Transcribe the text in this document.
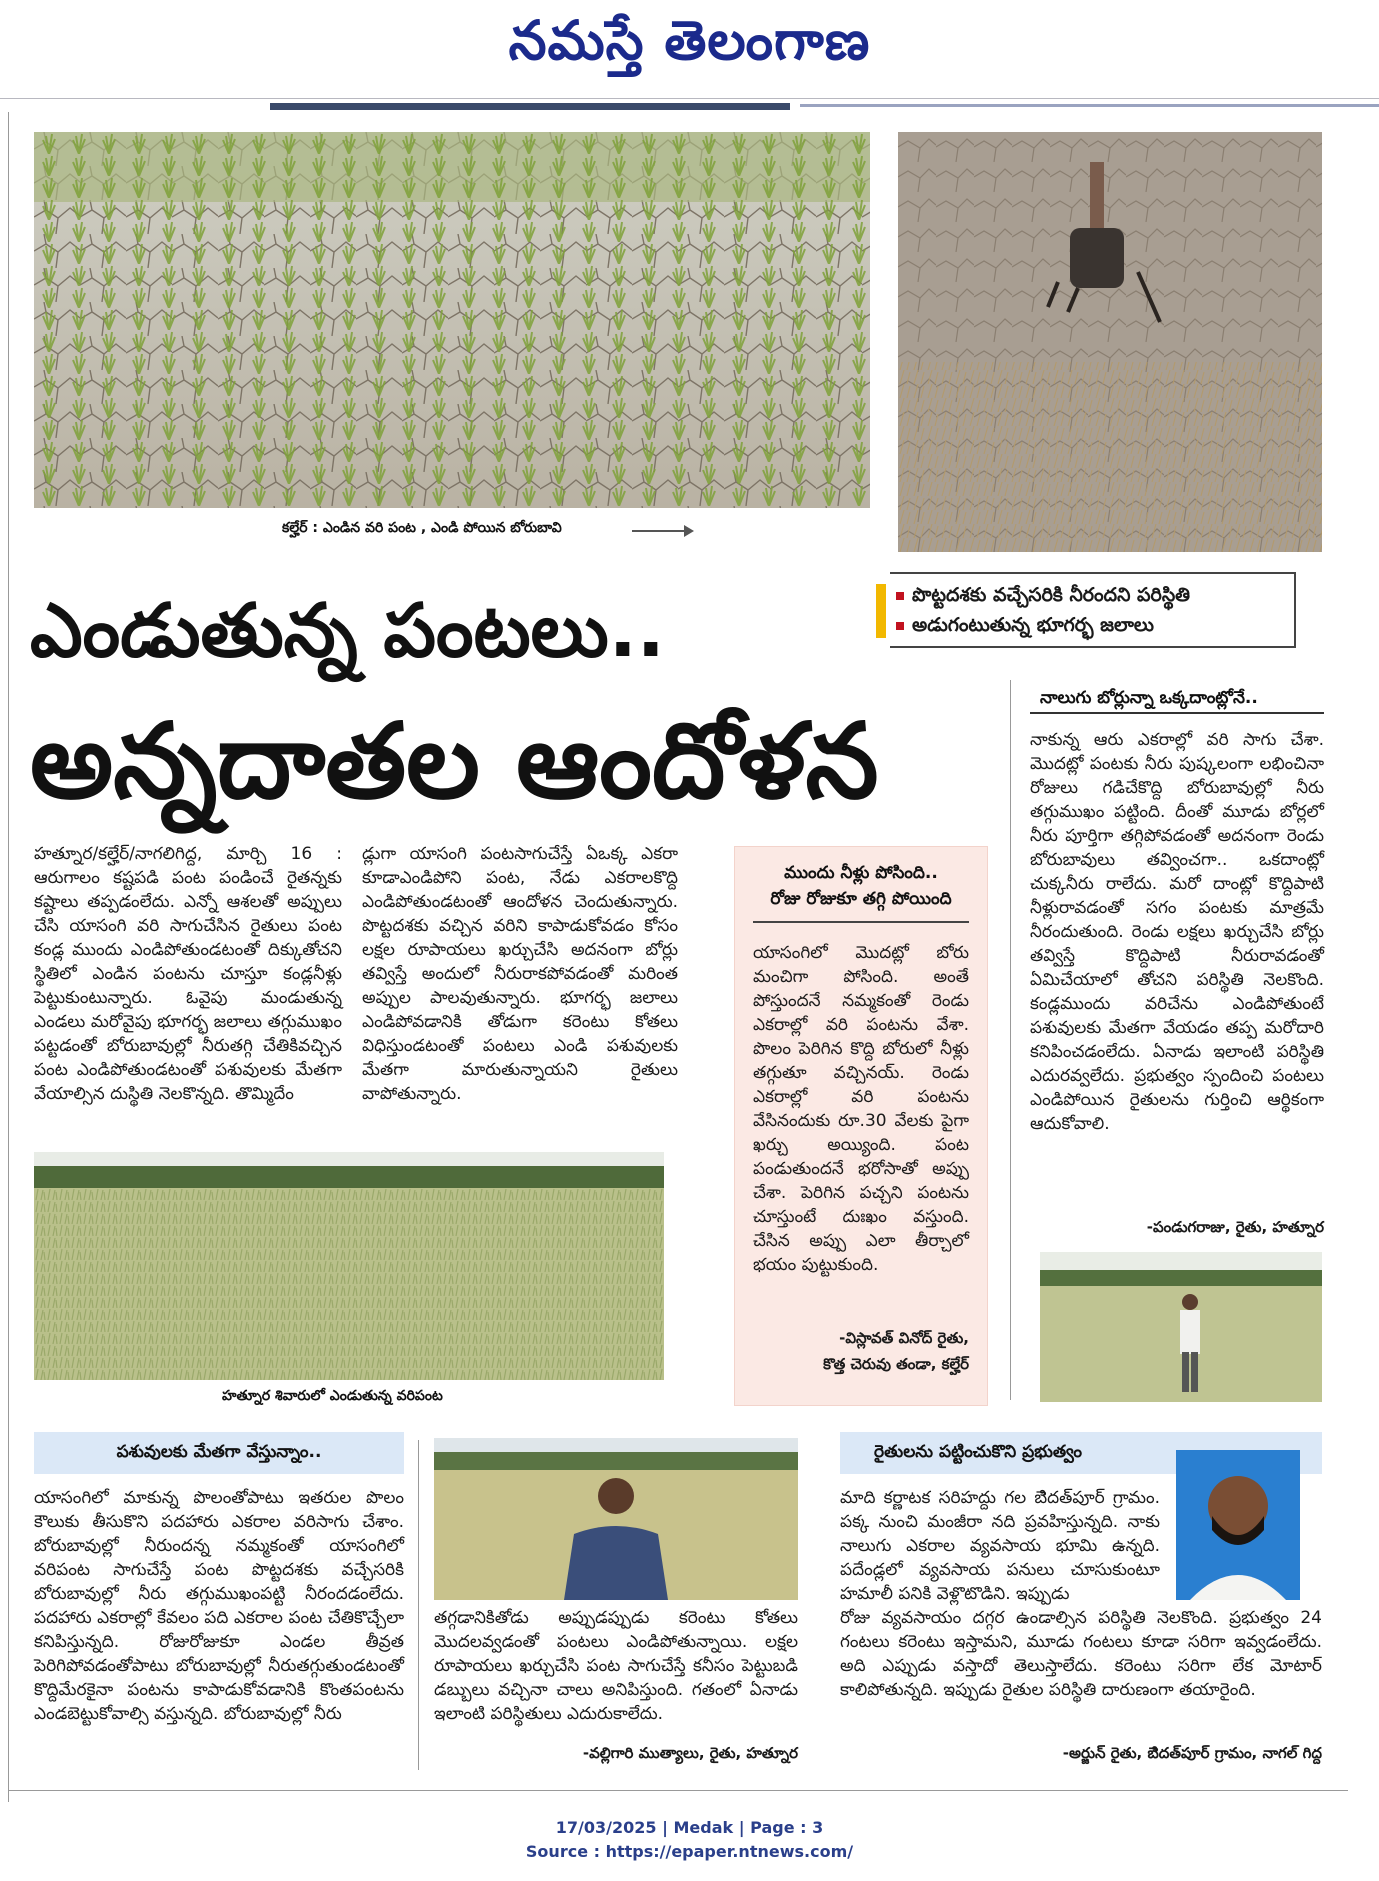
నమస్తే తెలంగాణ
కల్హేర్ : ఎండిన వరి పంట , ఎండి పోయిన బోరుబావి
ఎండుతున్న పంటలు..
అన్నదాతల ఆందోళన
పొట్టదశకు వచ్చేసరికి నీరందని పరిస్థితి
అడుగంటుతున్న భూగర్భ జలాలు
నాలుగు బోర్లున్నా ఒక్కదాంట్లోనే..
నాకున్న ఆరు ఎకరాల్లో వరి సాగు చేశా. మొదట్లో పంటకు నీరు పుష్కలంగా లభించినా రోజులు గడిచేకొద్ది బోరుబావుల్లో నీరు తగ్గుముఖం పట్టింది. దీంతో మూడు బోర్లలో నీరు పూర్తిగా తగ్గిపోవడంతో అదనంగా రెండు బోరుబావులు తవ్వించగా.. ఒకదాంట్లో చుక్కనీరు రాలేదు. మరో దాంట్లో కొద్దిపాటి నీళ్లురావడంతో సగం పంటకు మాత్రమే నీరందుతుంది. రెండు లక్షలు ఖర్చుచేసి బోర్లు తవ్విస్తే కొద్దిపాటి నీరురావడంతో ఏమిచేయాలో తోచని పరిస్థితి నెలకొంది. కండ్లముందు వరిచేను ఎండిపోతుంటే పశువులకు మేతగా వేయడం తప్ప మరోదారి కనిపించడంలేదు. ఏనాడు ఇలాంటి పరిస్థితి ఎదురవ్వలేదు. ప్రభుత్వం స్పందించి పంటలు ఎండిపోయిన రైతులను గుర్తించి ఆర్థికంగా ఆదుకోవాలి.
-పండుగరాజు, రైతు, హత్నూర
హత్నూర/కల్హేర్/నాగలిగిద్ద, మార్చి 16 : ఆరుగాలం కష్టపడి పంట పండించే రైతన్నకు కష్టాలు తప్పడంలేదు. ఎన్నో ఆశలతో అప్పులు చేసి యాసంగి వరి సాగుచేసిన రైతులు పంట కండ్ల ముందు ఎండిపోతుండటంతో దిక్కుతోచని స్థితిలో ఎండిన పంటను చూస్తూ కండ్లనీళ్లు పెట్టుకుంటున్నారు. ఓవైపు మండుతున్న ఎండలు మరోవైపు భూగర్భ జలాలు తగ్గుముఖం పట్టడంతో బోరుబావుల్లో నీరుతగ్గి చేతికివచ్చిన పంట ఎండిపోతుండటంతో పశువులకు మేతగా వేయాల్సిన దుస్థితి నెలకొన్నది. తొమ్మిదేం
డ్లుగా యాసంగి పంటసాగుచేస్తే ఏఒక్క ఎకరా కూడాఎండిపోని పంట, నేడు ఎకరాలకొద్ది ఎండిపోతుండటంతో ఆందోళన చెందుతున్నారు. పొట్టదశకు వచ్చిన వరిని కాపాడుకోవడం కోసం లక్షల రూపాయలు ఖర్చుచేసి అదనంగా బోర్లు తవ్విస్తే అందులో నీరురాకపోవడంతో మరింత అప్పుల పాలవుతున్నారు. భూగర్భ జలాలు ఎండిపోవడానికి తోడుగా కరెంటు కోతలు విధిస్తుండటంతో పంటలు ఎండి పశువులకు మేతగా మారుతున్నాయని రైతులు వాపోతున్నారు.
ముందు నీళ్లు పోసింది..
రోజు రోజుకూ తగ్గి పోయింది
యాసంగిలో మొదట్లో బోరు మంచిగా పోసింది. అంతే పోస్తుందనే నమ్మకంతో రెండు ఎకరాల్లో వరి పంటను వేశా. పొలం పెరిగిన కొద్ది బోరులో నీళ్లు తగ్గుతూ వచ్చినయ్. రెండు ఎకరాల్లో వరి పంటను వేసినందుకు రూ.30 వేలకు పైగా ఖర్చు అయ్యింది. పంట పండుతుందనే భరోసాతో అప్పు చేశా. పెరిగిన పచ్చని పంటను చూస్తుంటే దుఃఖం వస్తుంది. చేసిన అప్పు ఎలా తీర్చాలో భయం పుట్టుకుంది.
-విస్లావత్ వినోద్ రైతు,
కొత్త చెరువు తండా, కల్హేర్
హత్నూర శివారులో ఎండుతున్న వరిపంట
పశువులకు మేతగా వేస్తున్నాం..
యాసంగిలో మాకున్న పొలంతోపాటు ఇతరుల పొలం కౌలుకు తీసుకొని పదహారు ఎకరాల వరిసాగు చేశాం. బోరుబావుల్లో నీరుందన్న నమ్మకంతో యాసంగిలో వరిపంట సాగుచేస్తే పంట పొట్టదశకు వచ్చేసరికి బోరుబావుల్లో నీరు తగ్గుముఖంపట్టి నీరందడంలేదు. పదహారు ఎకరాల్లో కేవలం పది ఎకరాల పంట చేతికొచ్చేలా కనిపిస్తున్నది. రోజురోజుకూ ఎండల తీవ్రత పెరిగిపోవడంతోపాటు బోరుబావుల్లో నీరుతగ్గుతుండటంతో కొద్దిమేరకైనా పంటను కాపాడుకోవడానికి కొంతపంటను ఎండబెట్టుకోవాల్సి వస్తున్నది. బోరుబావుల్లో నీరు
తగ్గడానికితోడు అప్పుడప్పుడు కరెంటు కోతలు మొదలవ్వడంతో పంటలు ఎండిపోతున్నాయి. లక్షల రూపాయలు ఖర్చుచేసి పంట సాగుచేస్తే కనీసం పెట్టుబడి డబ్బులు వచ్చినా చాలు అనిపిస్తుంది. గతంలో ఏనాడు ఇలాంటి పరిస్థితులు ఎదురుకాలేదు.
-వల్లిగారి ముత్యాలు, రైతు, హత్నూర
రైతులను పట్టించుకొని ప్రభుత్వం
మాది కర్ణాటక సరిహద్దు గల బెిదత్‌పూర్ గ్రామం. పక్క నుంచి మంజీరా నది ప్రవహిస్తున్నది. నాకు నాలుగు ఎకరాల వ్యవసాయ భూమి ఉన్నది. పదేండ్లలో వ్యవసాయ పనులు చూసుకుంటూ హమాలీ పనికి వెళ్లొటొడిని. ఇప్పుడు
రోజు వ్యవసాయం దగ్గర ఉండాల్సిన పరిస్థితి నెలకొంది. ప్రభుత్వం 24 గంటలు కరెంటు ఇస్తామని, మూడు గంటలు కూడా సరిగా ఇవ్వడంలేదు. అది ఎప్పుడు వస్తాదో తెలుస్తాలేదు. కరెంటు సరిగా లేక మోటార్ కాలిపోతున్నది. ఇప్పుడు రైతుల పరిస్థితి దారుణంగా తయారైంది.
-అర్జున్ రైతు, బెిదత్‌పూర్ గ్రామం, నాగల్ గిద్ద
17/03/2025 | Medak | Page : 3
Source : https://epaper.ntnews.com/
